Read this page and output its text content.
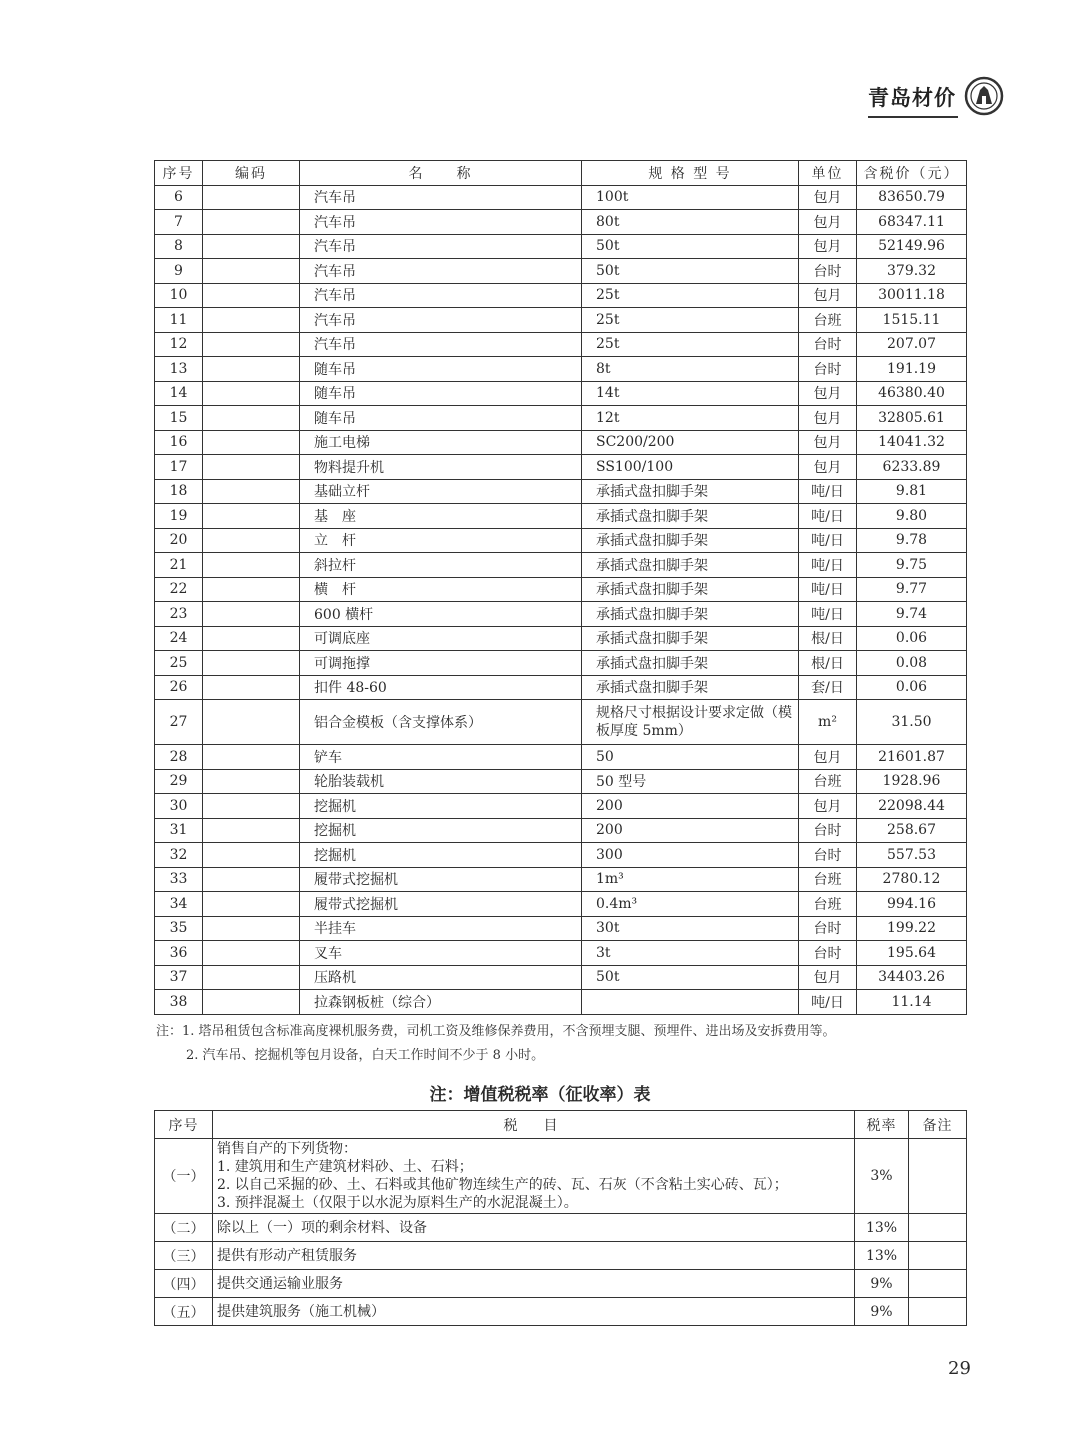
青岛材价
序号	编码	名　　称	规 格 型 号	单位	含税价（元）
6		汽车吊	100t	包月	83650.79
7		汽车吊	80t	包月	68347.11
8		汽车吊	50t	包月	52149.96
9		汽车吊	50t	台时	379.32
10		汽车吊	25t	包月	30011.18
11		汽车吊	25t	台班	1515.11
12		汽车吊	25t	台时	207.07
13		随车吊	8t	台时	191.19
14		随车吊	14t	包月	46380.40
15		随车吊	12t	包月	32805.61
16		施工电梯	SC200/200	包月	14041.32
17		物料提升机	SS100/100	包月	6233.89
18		基础立杆	承插式盘扣脚手架	吨/日	9.81
19		基　座	承插式盘扣脚手架	吨/日	9.80
20		立　杆	承插式盘扣脚手架	吨/日	9.78
21		斜拉杆	承插式盘扣脚手架	吨/日	9.75
22		横　杆	承插式盘扣脚手架	吨/日	9.77
23		600 横杆	承插式盘扣脚手架	吨/日	9.74
24		可调底座	承插式盘扣脚手架	根/日	0.06
25		可调拖撑	承插式盘扣脚手架	根/日	0.08
26		扣件 48-60	承插式盘扣脚手架	套/日	0.06
27		铝合金模板（含支撑体系）	规格尺寸根据设计要求定做（模板厚度 5mm）	m²	31.50
28		铲车	50	包月	21601.87
29		轮胎装载机	50 型号	台班	1928.96
30		挖掘机	200	包月	22098.44
31		挖掘机	200	台时	258.67
32		挖掘机	300	台时	557.53
33		履带式挖掘机	1m³	台班	2780.12
34		履带式挖掘机	0.4m³	台班	994.16
35		半挂车	30t	台时	199.22
36		叉车	3t	台时	195.64
37		压路机	50t	包月	34403.26
38		拉森钢板桩（综合）		吨/日	11.14
注：1. 塔吊租赁包含标准高度裸机服务费，司机工资及维修保养费用，不含预埋支腿、预埋件、进出场及安拆费用等。
2. 汽车吊、挖掘机等包月设备，白天工作时间不少于 8 小时。
注：增值税税率（征收率）表
序号	税　目	税率	备注
（一）	销售自产的下列货物：
1. 建筑用和生产建筑材料砂、土、石料；
2. 以自己采掘的砂、土、石料或其他矿物连续生产的砖、瓦、石灰（不含粘土实心砖、瓦）；
3. 预拌混凝土（仅限于以水泥为原料生产的水泥混凝土）。	3%	
（二）	除以上（一）项的剩余材料、设备	13%	
（三）	提供有形动产租赁服务	13%	
（四）	提供交通运输业服务	9%	
（五）	提供建筑服务（施工机械）	9%	
29
